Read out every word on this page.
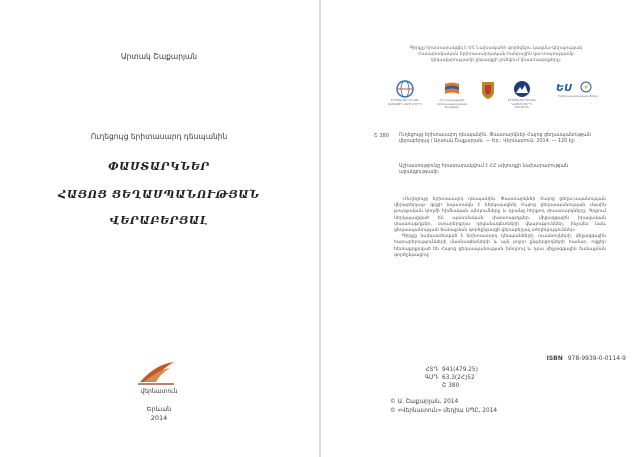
Արտակ Շաքարյան
Ուղեցույց երիտասարդ դեսպանին
ՓԱՍՏԱՐԿՆԵՐ
ՀԱՅՈՑ ՑԵՂԱՍՊԱՆՈՒԹՅԱՆ
ՎԵՐԱԲԵՐՅԱԼ
վերնատուն
Երևան
2014
Գիրքը հրատարակվել է ՀՀ Նախագահի գործվելու կազմա-կերպության Հասարակական երիտասարդական հանրային կա-տարությամբ ղեկավարությամբ ընթացքի լուծվում փաստաթղթերը։
ԵՐԻՏԱՍԱՐԴԱԿԱՆ ԱԶԳԱՅԻՆ ԽՈՐՀՈՒՐԴ
ՀՀ Նախագահի երիտասարդական ծրագրեր
ԵՐԻՏԱՍԱՐԴԱԿԱՆ ԿԱԶՄԱԿԵՐՊ. ԿԵՆՏՐՈՆ
ԵU
Երիտասարդական ֆոնդ
Շ 380 Ուղեցույց երիտասարդ դեսպանին. Փաստարկներ Հայոց ցեղասպանության վերաբերյալ / Արտակ Շաքարյան. — Եր.: Վերնատուն, 2014. — 120 էջ։
Աշխատությունը հրատարակվում է ՀՀ սփյուռքի նախարարության աջակցությամբ։

«Ուղեցույց երիտասարդ դեսպանին. Փաստարկներ Հայոց ցեղա-սպանության վերաբերյալ» գրքի նպատակն է ներկայացնել Հայոց ցեղասպանության մասին թուրքական կողմի հիմնական պնդումները և դրանց հերքող փաստարկները։ Գրքում ներկայացված են պատմական փաստաթղթեր, միջազգային իրավական փաստաթղթեր, օտարերկրյա դիվանագետների վկայություններ, ինչպես նաև ցեղասպանության ճանաչման գործընթացի վերաբերյալ տեղեկություններ։

Գիրքը նախատեսված է երիտասարդ դեսպանների, ուսանողների, միջազգային հարաբերությունների մասնագետների և այն բոլոր ընթերցողների համար, ովքեր հետաքրքրված են Հայոց ցեղասպանության խնդրով և դրա միջազգային ճանաչման գործընթացով։

ISBN 978-9939-0-0114-9
ՀՏԴ 941(479.25)
ԳՄԴ 63.3(2Հ)52
Շ 380
© Ա. Շաքարյան, 2014
© «Վերնատուն» մեդիա ՍՊԸ, 2014
